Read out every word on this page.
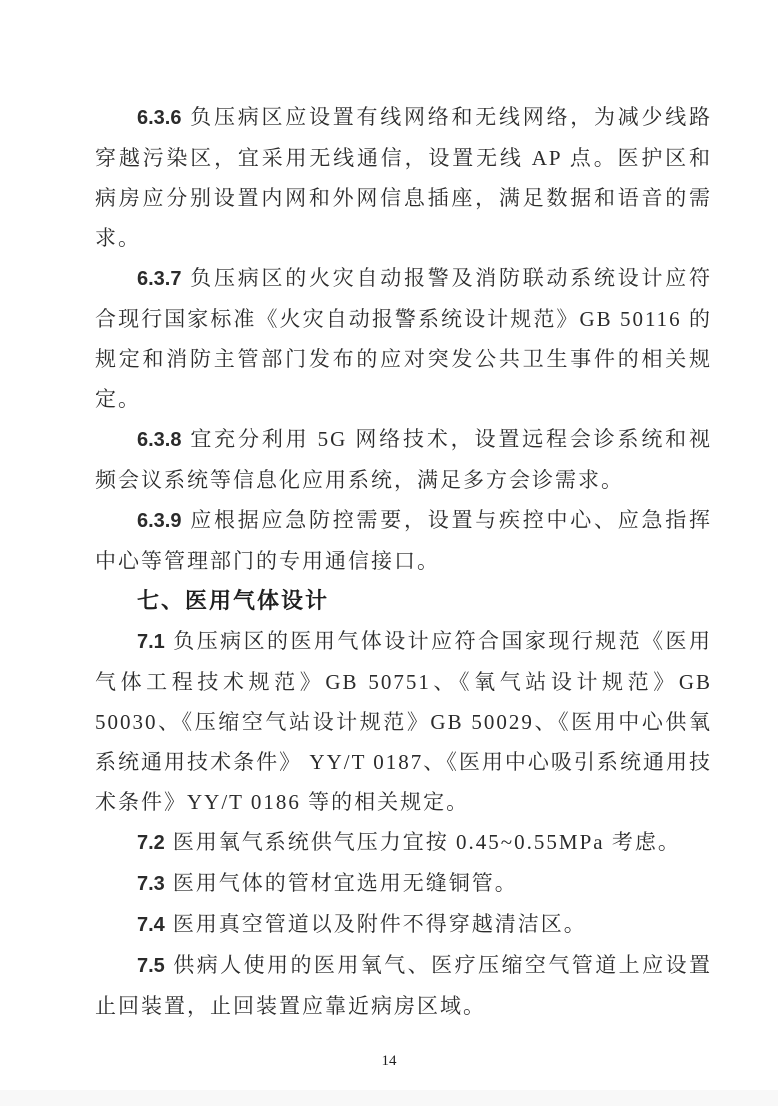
6.3.6 负压病区应设置有线网络和无线网络，为减少线路穿越污染区，宜采用无线通信，设置无线 AP 点。医护区和病房应分别设置内网和外网信息插座，满足数据和语音的需求。

6.3.7 负压病区的火灾自动报警及消防联动系统设计应符合现行国家标准《火灾自动报警系统设计规范》GB 50116 的规定和消防主管部门发布的应对突发公共卫生事件的相关规定。

6.3.8 宜充分利用 5G 网络技术，设置远程会诊系统和视频会议系统等信息化应用系统，满足多方会诊需求。

6.3.9 应根据应急防控需要，设置与疾控中心、应急指挥中心等管理部门的专用通信接口。

七、医用气体设计

7.1 负压病区的医用气体设计应符合国家现行规范《医用气体工程技术规范》GB 50751、《氧气站设计规范》GB 50030、《压缩空气站设计规范》GB 50029、《医用中心供氧系统通用技术条件》 YY/T 0187、《医用中心吸引系统通用技术条件》YY/T 0186 等的相关规定。

7.2 医用氧气系统供气压力宜按 0.45~0.55MPa 考虑。

7.3 医用气体的管材宜选用无缝铜管。

7.4 医用真空管道以及附件不得穿越清洁区。

7.5 供病人使用的医用氧气、医疗压缩空气管道上应设置止回装置，止回装置应靠近病房区域。

14
